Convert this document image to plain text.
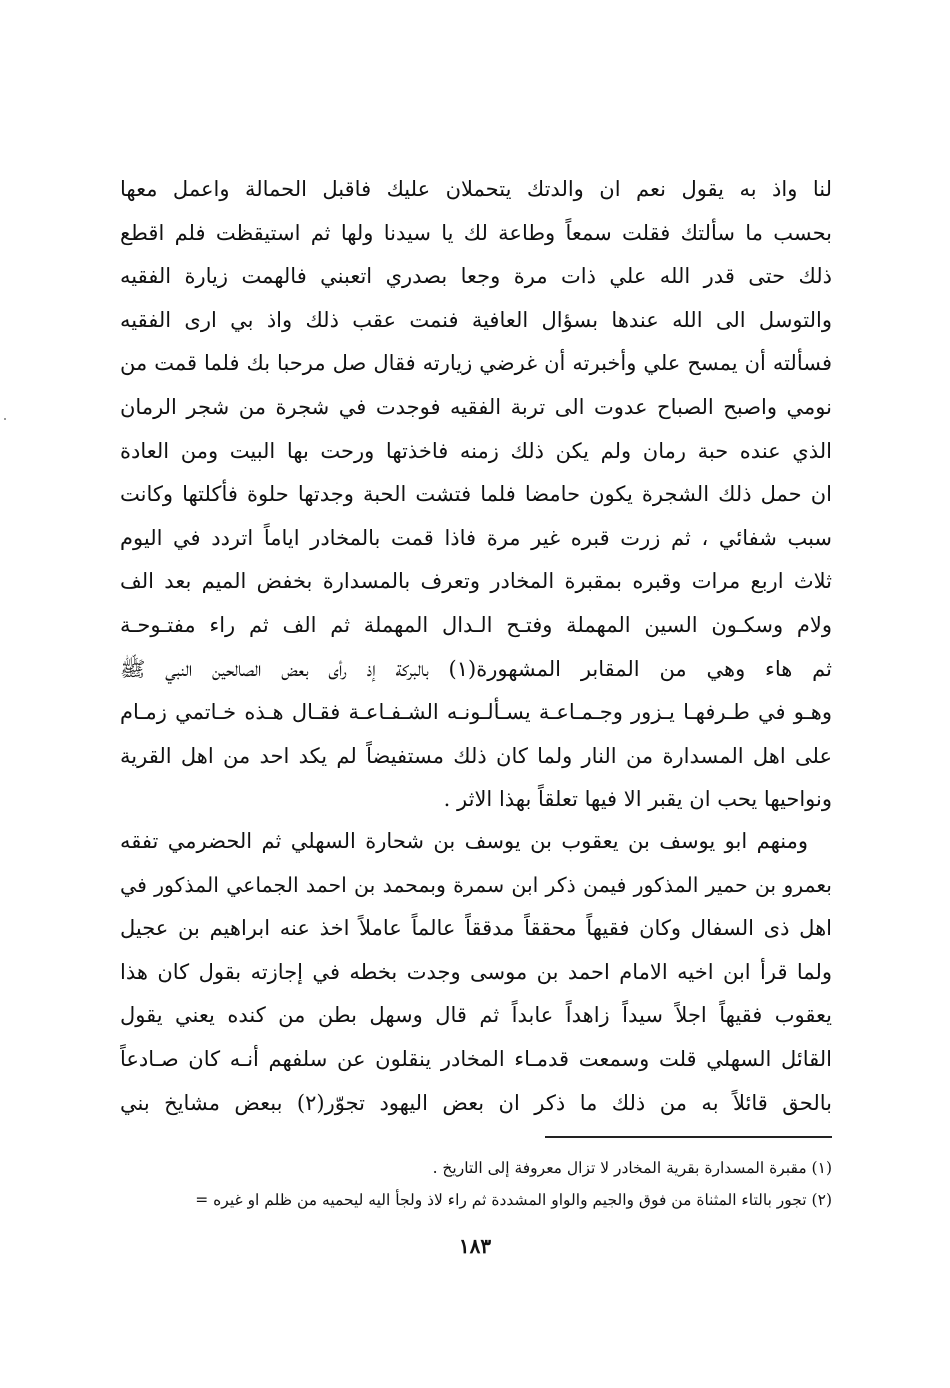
لنا واذ به يقول نعم ان والدتك يتحملان عليك فاقبل الحمالة واعمل معها
بحسب ما سألتك فقلت سمعاً وطاعة لك يا سيدنا ولها ثم استيقظت فلم اقطع
ذلك حتى قدر الله علي ذات مرة وجعا بصدري اتعبني فالهمت زيارة الفقيه
والتوسل الى الله عندها بسؤال العافية فنمت عقب ذلك واذ بي ارى الفقيه
فسألته أن يمسح علي وأخبرته أن غرضي زيارته فقال صل مرحبا بك فلما قمت من
نومي واصبح الصباح عدوت الى تربة الفقيه فوجدت في شجرة من شجر الرمان
الذي عنده حبة رمان ولم يكن ذلك زمنه فاخذتها ورحت بها البيت ومن العادة
ان حمل ذلك الشجرة يكون حامضا فلما فتشت الحبة وجدتها حلوة فأكلتها وكانت
سبب شفائي ، ثم زرت قبره غير مرة فاذا قمت بالمخادر اياماً اتردد في اليوم
ثلاث اربع مرات وقبره بمقبرة المخادر وتعرف بالمسدارة بخفض الميم بعد الف
ولام وسكـون السين المهملة وفتـح الـدال المهملة ثم الف ثم راء مفتـوحـة
ثم هاء وهي من المقابر المشهورة(١) بالبركة إذ رأى بعض الصالحين النبي ﷺ
وهـو في طـرفهـا يـزور وجـمـاعـة يسـألـونـه الشـفـاعـة فقـال هـذه خـاتمي زمـام
على اهل المسدارة من النار ولما كان ذلك مستفيضاً لم يكد احد من اهل القرية
ونواحيها يحب ان يقبر الا فيها تعلقاً بهذا الاثر .
ومنهم ابو يوسف بن يعقوب بن يوسف بن شحارة السهلي ثم الحضرمي تفقه
بعمرو بن حمير المذكور فيمن ذكر ابن سمرة وبمحمد بن احمد الجماعي المذكور في
اهل ذى السفال وكان فقيهاً محققاً مدققاً عالماً عاملاً اخذ عنه ابراهيم بن عجيل
ولما قرأ ابن اخيه الامام احمد بن موسى وجدت بخطه في إجازته بقول كان هذا
يعقوب فقيهاً اجلاً سيداً زاهداً عابداً ثم قال وسهل بطن من كنده يعني يقول
القائل السهلي قلت وسمعت قدمـاء المخادر ينقلون عن سلفهم أنـه كان صـادعاً
بالحق قائلاً به من ذلك ما ذكر ان بعض اليهود تجوّر(٢) ببعض مشايخ بني
(١) مقبرة المسدارة بقرية المخادر لا تزال معروفة إلى التاريخ .
(٢) تجور بالتاء المثناة من فوق والجيم والواو المشددة ثم راء لاذ ولجأ اليه ليحميه من ظلم او غيره =
١٨٣
